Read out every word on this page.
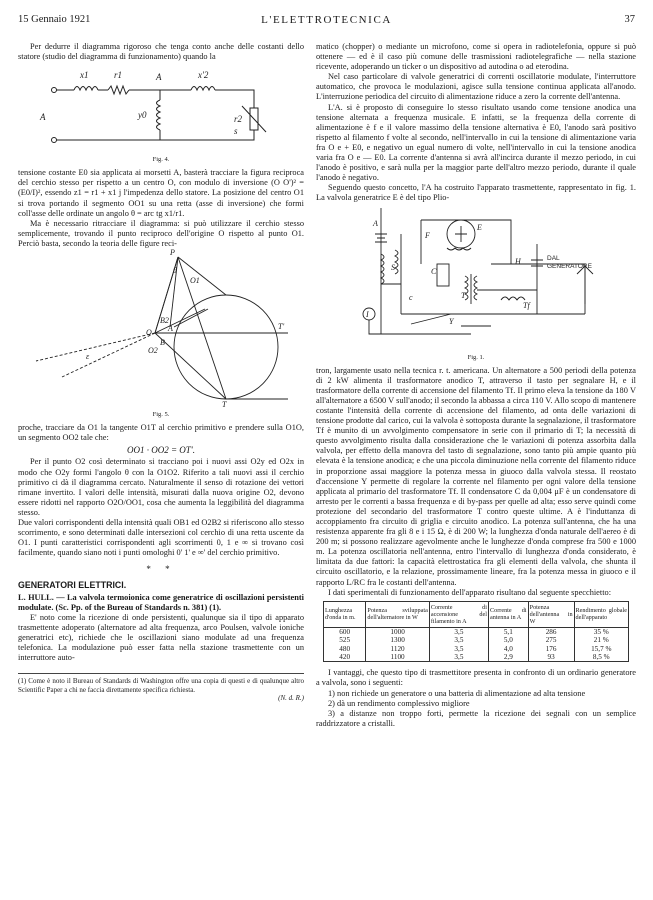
15 Gennaio 1921	L'ELETTROTECNICA	37

Per dedurre il diagramma rigoroso che tenga conto anche delle costanti dello statore (studio del diagramma di funzionamento) quando la

x1	r1	x'2
A
A
y0	r2
s
Fig. 4.

tensione costante E0 sia applicata ai morsetti A, basterà tracciare la figura reciproca del cerchio stesso per rispetto a un centro O, con modulo di inversione (O O')² = (E0/I)², essendo z1 = r1 + x1 j l'impedenza dello statore. La posizione del centro O1 si trova portando il segmento OO1 su una retta (asse di inversione) che formi coll'asse delle ordinate un angolo θ = arc tg x1/r1.

Ma è necessario ritracciare il diagramma: si può utilizzare il cerchio stesso semplicemente, trovando il punto reciproco dell'origine O rispetto al punto O1. Perciò basta, secondo la teoria delle figure reci-

P
O1
B2
A
O
B
O2
T'
T
θ
ε
Fig. 5.

proche, tracciare da O1 la tangente O1T al cerchio primitivo e prendere sulla O1O, un segmento OO2 tale che:

OO1 · OO2 = OT'.

Per il punto O2 così determinato si tracciano poi i nuovi assi O2y ed O2x in modo che O2y formi l'angolo θ con la O1O2. Riferito a tali nuovi assi il cerchio primitivo ci dà il diagramma cercato. Naturalmente il senso di rotazione dei vettori rimane invertito. I valori delle intensità, misurati dalla nuova origine O2, devono essere ridotti nel rapporto O2O/OO1, cosa che aumenta la leggibilità del diagramma stesso.

Due valori corrispondenti della intensità quali OB1 ed O2B2 si riferiscono allo stesso scorrimento, e sono determinati dalle intersezioni col cerchio di una retta uscente da O1. I punti caratteristici corrispondenti agli scorrimenti 0, 1 e ∞ si trovano così facilmente, quando siano noti i punti omologhi 0' 1' e ∞' del cerchio primitivo.

* *
GENERATORI ELETTRICI.

L. HULL. — La valvola termoionica come generatrice di oscillazioni persistenti modulate. (Sc. Pp. of the Bureau of Standards n. 381) (1).

E' noto come la ricezione di onde persistenti, qualunque sia il tipo di apparato trasmettente adoperato (alternatore ad alta frequenza, arco Poulsen, valvole ioniche generatrici etc), richiede che le oscillazioni siano modulate ad una frequenza telefonica. La modulazione può esser fatta nella stazione trasmettente con un interruttore auto-

(1) Come è noto il Bureau of Standards di Washington offre una copia di questi e di qualunque altro Scientific Paper a chi ne faccia direttamente specifica richiesta.
(N. d. R.)

matico (chopper) o mediante un microfono, come si opera in radiotelefonia, oppure si può ottenere — ed è il caso più comune delle trasmissioni radiotelegrafiche — nella stazione ricevente, adoperando un ticker o un dispositivo ad autodina o ad eterodina.

Nel caso particolare di valvole generatrici di correnti oscillatorie modulate, l'interruttore automatico, che provoca le modulazioni, agisce sulla tensione continua applicata all'anodo. L'interruzione periodica del circuito di alimentazione riduce a zero la corrente dell'antenna.

L'A. si è proposto di conseguire lo stesso risultato usando come tensione anodica una tensione alternata a frequenza musicale. E infatti, se la frequenza della corrente di alimentazione è f e il valore massimo della tensione alternativa è E0, l'anodo sarà positivo rispetto al filamento f volte al secondo, nell'intervallo in cui la tensione di alimentazione varia fra O e + E0, e negativo un egual numero di volte, nell'intervallo in cui la tensione anodica varia fra O e — E0. La corrente d'antenna si avrà all'incirca durante il mezzo periodo, in cui l'anodo è positivo, e sarà nulla per la maggior parte dell'altro mezzo periodo, durante il quale l'anodo è negativo.

Seguendo questo concetto, l'A ha costruito l'apparato trasmettente, rappresentato in fig. 1. La valvola generatrice E è del tipo Plio-

DAL
GENERATORE
A	E
H
F
C
S
T
Tf
Y
I
c
Fig. 1.

tron, largamente usato nella tecnica r. t. americana. Un alternatore a 500 periodi della potenza di 2 kW alimenta il trasformatore anodico T, attraverso il tasto per segnalare H, e il trasformatore della corrente di accensione del filamento Tf. Il primo eleva la tensione da 180 V all'alternatore a 6500 V sull'anodo; il secondo la abbassa a circa 110 V. Allo scopo di mantenere costante l'intensità della corrente di accensione del filamento, ad onta delle variazioni di tensione prodotte dal carico, cui la valvola è sottoposta durante la segnalazione, il trasformatore Tf è munito di un avvolgimento compensatore in serie con il primario di T; la necessità di questo avvolgimento risulta dalla considerazione che le variazioni di potenza assorbita dalla valvola, per effetto della manovra del tasto di segnalazione, sono tanto più ampie quanto più elevata è la tensione anodica; e che una piccola diminuzione nella corrente del filamento riduce in proporzione assai maggiore la potenza messa in giuoco dalla valvola stessa. Il reostato d'accensione Y permette di regolare la corrente nel filamento per ogni valore della tensione applicata al primario del trasformatore Tf. Il condensatore C da 0,004 μF è un condensatore di arresto per le correnti a bassa frequenza e di by-pass per quelle ad alta; esso serve quindi come protezione del secondario del trasformatore T contro queste ultime. A è l'induttanza di accoppiamento fra circuito di griglia e circuito anodico. La potenza sull'antenna, che ha una resistenza apparente fra gli 8 e i 15 Ω, è di 200 W; la lunghezza d'onda naturale dell'aereo è di 200 m; si possono realizzare agevolmente anche le lunghezze d'onda comprese fra 500 e 1000 m. La potenza oscillatoria nell'antenna, entro l'intervallo di lunghezza d'onda considerato, è limitata da due fattori: la capacità elettrostatica fra gli elementi della valvola, che shunta il circuito oscillatorio, e la relazione, prossimamente lineare, fra la potenza messa in giuoco e il rapporto L/RC fra le costanti dell'antenna.

I dati sperimentali di funzionamento dell'apparato risultano dal seguente specchietto:

Lunghezza d'onda in m.	Potenza sviluppata dell'alternatore in W	Corrente di accensione del filamento in A	Corrente di antenna in A	Potenza dell'antenna in W	Rendimento globale dell'apparato
600	1000	3,5	5,1	286	35 %
525	1300	3,5	5,0	275	21 %
480	1120	3,5	4,0	176	15,7 %
420	1100	3,5	2,9	93	8,5 %

I vantaggi, che questo tipo di trasmettitore presenta in confronto di un ordinario generatore a valvola, sono i seguenti:

1) non richiede un generatore o una batteria di alimentazione ad alta tensione

2) dà un rendimento complessivo migliore

3) a distanze non troppo forti, permette la ricezione dei segnali con un semplice raddrizzatore a cristalli.
